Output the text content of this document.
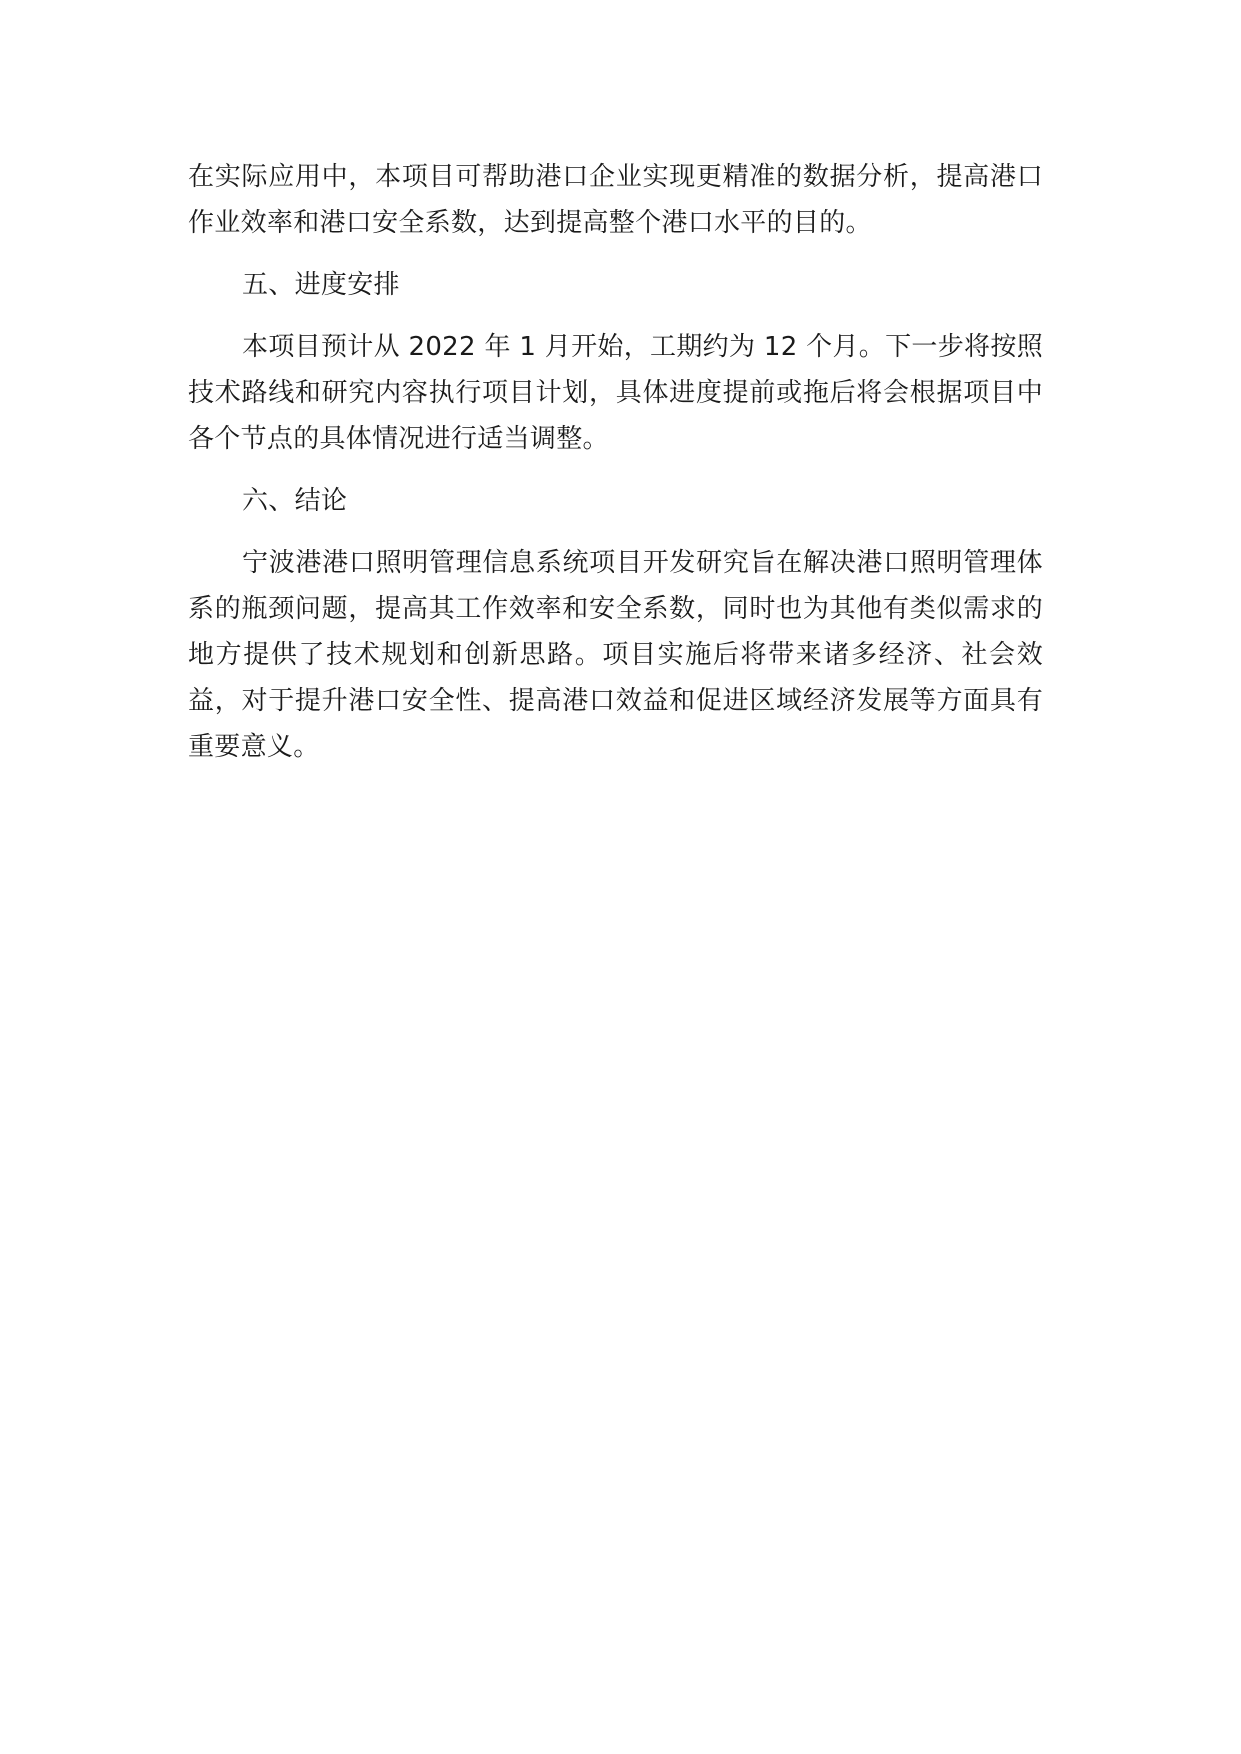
在实际应用中，本项目可帮助港口企业实现更精准的数据分析，提高港口作业效率和港口安全系数，达到提高整个港口水平的目的。

五、进度安排

本项目预计从 2022 年 1 月开始，工期约为 12 个月。下一步将按照技术路线和研究内容执行项目计划，具体进度提前或拖后将会根据项目中各个节点的具体情况进行适当调整。

六、结论

宁波港港口照明管理信息系统项目开发研究旨在解决港口照明管理体系的瓶颈问题，提高其工作效率和安全系数，同时也为其他有类似需求的地方提供了技术规划和创新思路。项目实施后将带来诸多经济、社会效益，对于提升港口安全性、提高港口效益和促进区域经济发展等方面具有重要意义。
